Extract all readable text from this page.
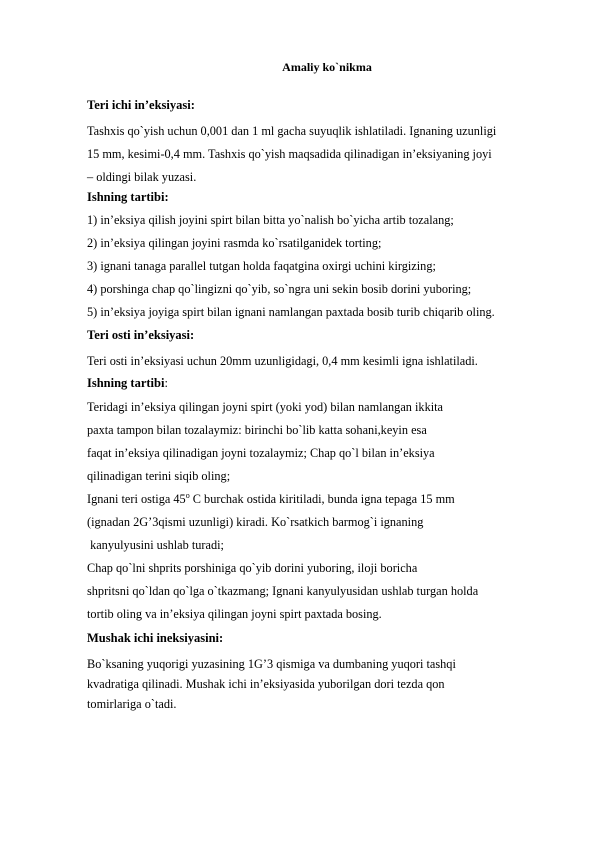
Amaliy ko`nikma
Teri ichi in’eksiyasi:
Tashxis qo`yish uchun 0,001 dan 1 ml gacha suyuqlik ishlatiladi. Ignaning uzunligi
15 mm, kesimi-0,4 mm. Tashxis qo`yish maqsadida qilinadigan in’eksiyaning joyi
– oldingi bilak yuzasi.
Ishning tartibi:
1) in’eksiya qilish joyini spirt bilan bitta yo`nalish bo`yicha artib tozalang;
2) in’eksiya qilingan joyini rasmda ko`rsatilganidek torting;
3) ignani tanaga parallel tutgan holda faqatgina oxirgi uchini kirgizing;
4) porshinga chap qo`lingizni qo`yib, so`ngra uni sekin bosib dorini yuboring;
5) in’eksiya joyiga spirt bilan ignani namlangan paxtada bosib turib chiqarib oling.
Teri osti in’eksiyasi:
Teri osti in’eksiyasi uchun 20mm uzunligidagi, 0,4 mm kesimli igna ishlatiladi.
Ishning tartibi:
Teridagi in’eksiya qilingan joyni spirt (yoki yod) bilan namlangan ikkita
paxta tampon bilan tozalaymiz: birinchi bo`lib katta sohani,keyin esa
faqat in’eksiya qilinadigan joyni tozalaymiz; Chap qo`l bilan in’eksiya
qilinadigan terini siqib oling;
Ignani teri ostiga 45$^o$ C burchak ostida kiritiladi, bunda igna tepaga 15 mm
(ignadan 2G’3qismi uzunligi) kiradi. Ko`rsatkich barmog`i ignaning
kanyulyusini ushlab turadi;
Chap qo`lni shprits porshiniga qo`yib dorini yuboring, iloji boricha
shpritsni qo`ldan qo`lga o`tkazmang; Ignani kanyulyusidan ushlab turgan holda
tortib oling va in’eksiya qilingan joyni spirt paxtada bosing.
Mushak ichi ineksiyasini:
Bo`ksaning yuqorigi yuzasining 1G’3 qismiga va dumbaning yuqori tashqi
kvadratiga qilinadi. Mushak ichi in’eksiyasida yuborilgan dori tezda qon
tomirlariga o`tadi.
